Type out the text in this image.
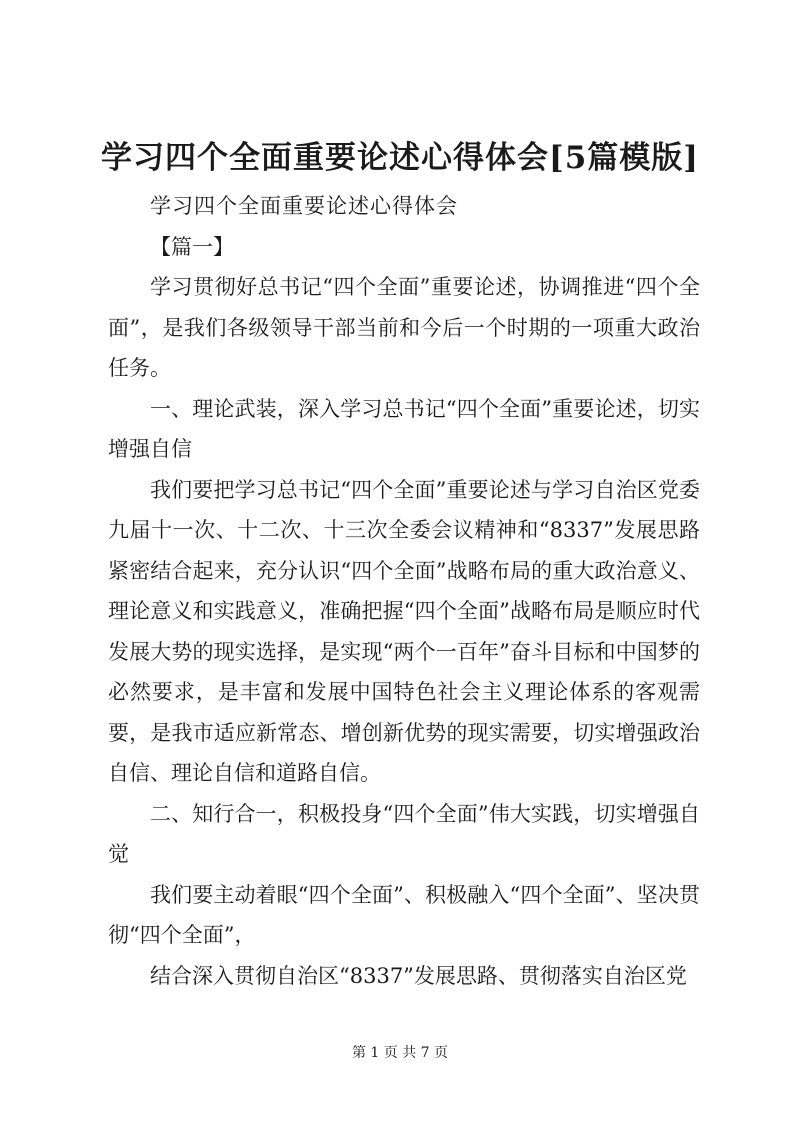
学习四个全面重要论述心得体会[5篇模版]

学习四个全面重要论述心得体会

【篇一】

学习贯彻好总书记“四个全面”重要论述，协调推进“四个全面”，是我们各级领导干部当前和今后一个时期的一项重大政治任务。

一、理论武装，深入学习总书记“四个全面”重要论述，切实增强自信

我们要把学习总书记“四个全面”重要论述与学习自治区党委九届十一次、十二次、十三次全委会议精神和“8337”发展思路紧密结合起来，充分认识“四个全面”战略布局的重大政治意义、理论意义和实践意义，准确把握“四个全面”战略布局是顺应时代发展大势的现实选择，是实现“两个一百年”奋斗目标和中国梦的必然要求，是丰富和发展中国特色社会主义理论体系的客观需要，是我市适应新常态、增创新优势的现实需要，切实增强政治自信、理论自信和道路自信。

二、知行合一，积极投身“四个全面”伟大实践，切实增强自觉

我们要主动着眼“四个全面”、积极融入“四个全面”、坚决贯彻“四个全面”，

结合深入贯彻自治区“8337”发展思路、贯彻落实自治区党

第 1 页 共 7 页
